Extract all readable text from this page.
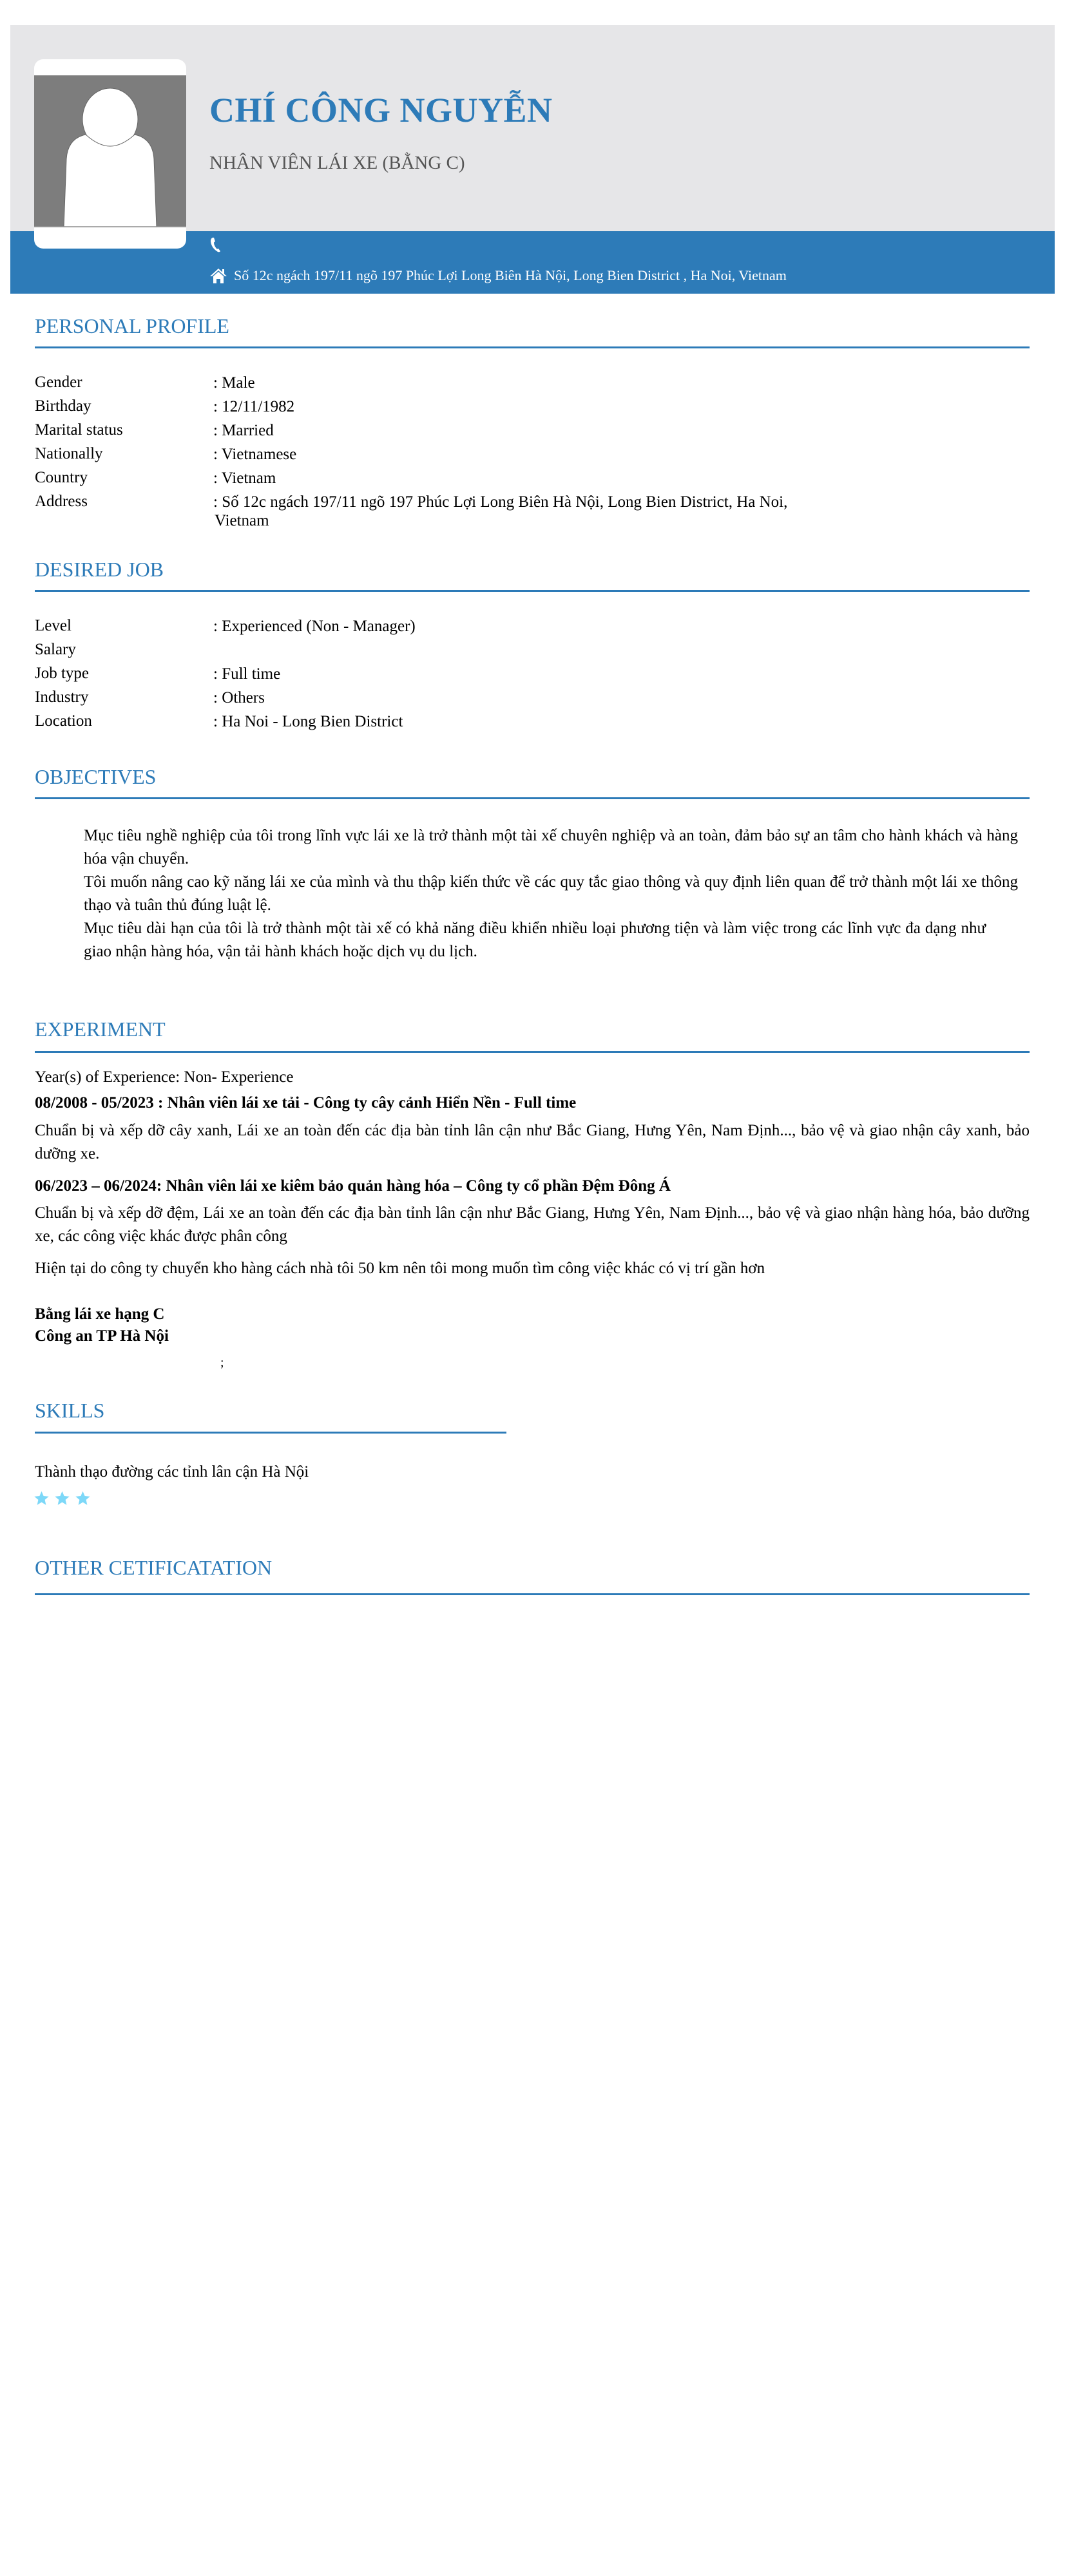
CHÍ CÔNG NGUYỄN
NHÂN VIÊN LÁI XE (BẰNG C)
Số 12c ngách 197/11 ngõ 197 Phúc Lợi Long Biên Hà Nội, Long Bien District , Ha Noi, Vietnam
PERSONAL PROFILE
Gender	: Male
Birthday	: 12/11/1982
Marital status	: Married
Nationally	: Vietnamese
Country	: Vietnam
Address	: Số 12c ngách 197/11 ngõ 197 Phúc Lợi Long Biên Hà Nội, Long Bien District, Ha Noi,
Vietnam
DESIRED JOB
Level	: Experienced (Non - Manager)
Salary
Job type	: Full time
Industry	: Others
Location	: Ha Noi - Long Bien District
OBJECTIVES
Mục tiêu nghề nghiệp của tôi trong lĩnh vực lái xe là trở thành một tài xế chuyên nghiệp và an toàn, đảm bảo sự an tâm cho hành khách và hàng hóa vận chuyển.
Tôi muốn nâng cao kỹ năng lái xe của mình và thu thập kiến thức về các quy tắc giao thông và quy định liên quan để trở thành một lái xe thông thạo và tuân thủ đúng luật lệ.
Mục tiêu dài hạn của tôi là trở thành một tài xế có khả năng điều khiển nhiều loại phương tiện và làm việc trong các lĩnh vực đa dạng như giao nhận hàng hóa, vận tải hành khách hoặc dịch vụ du lịch.
EXPERIMENT
Year(s) of Experience: Non- Experience
08/2008 - 05/2023 : Nhân viên lái xe tải - Công ty cây cảnh Hiển Nền - Full time
Chuẩn bị và xếp dỡ cây xanh, Lái xe an toàn đến các địa bàn tỉnh lân cận như Bắc Giang, Hưng Yên, Nam Định..., bảo vệ và giao nhận cây xanh, bảo dưỡng xe.
06/2023 – 06/2024: Nhân viên lái xe kiêm bảo quản hàng hóa – Công ty cổ phần Đệm Đông Á
Chuẩn bị và xếp dỡ đệm, Lái xe an toàn đến các địa bàn tỉnh lân cận như Bắc Giang, Hưng Yên, Nam Định..., bảo vệ và giao nhận hàng hóa, bảo dưỡng xe, các công việc khác được phân công
Hiện tại do công ty chuyển kho hàng cách nhà tôi 50 km nên tôi mong muốn tìm công việc khác có vị trí gần hơn
Bằng lái xe hạng C
Công an TP Hà Nội
;
SKILLS
Thành thạo đường các tỉnh lân cận Hà Nội
OTHER CETIFICATATION
